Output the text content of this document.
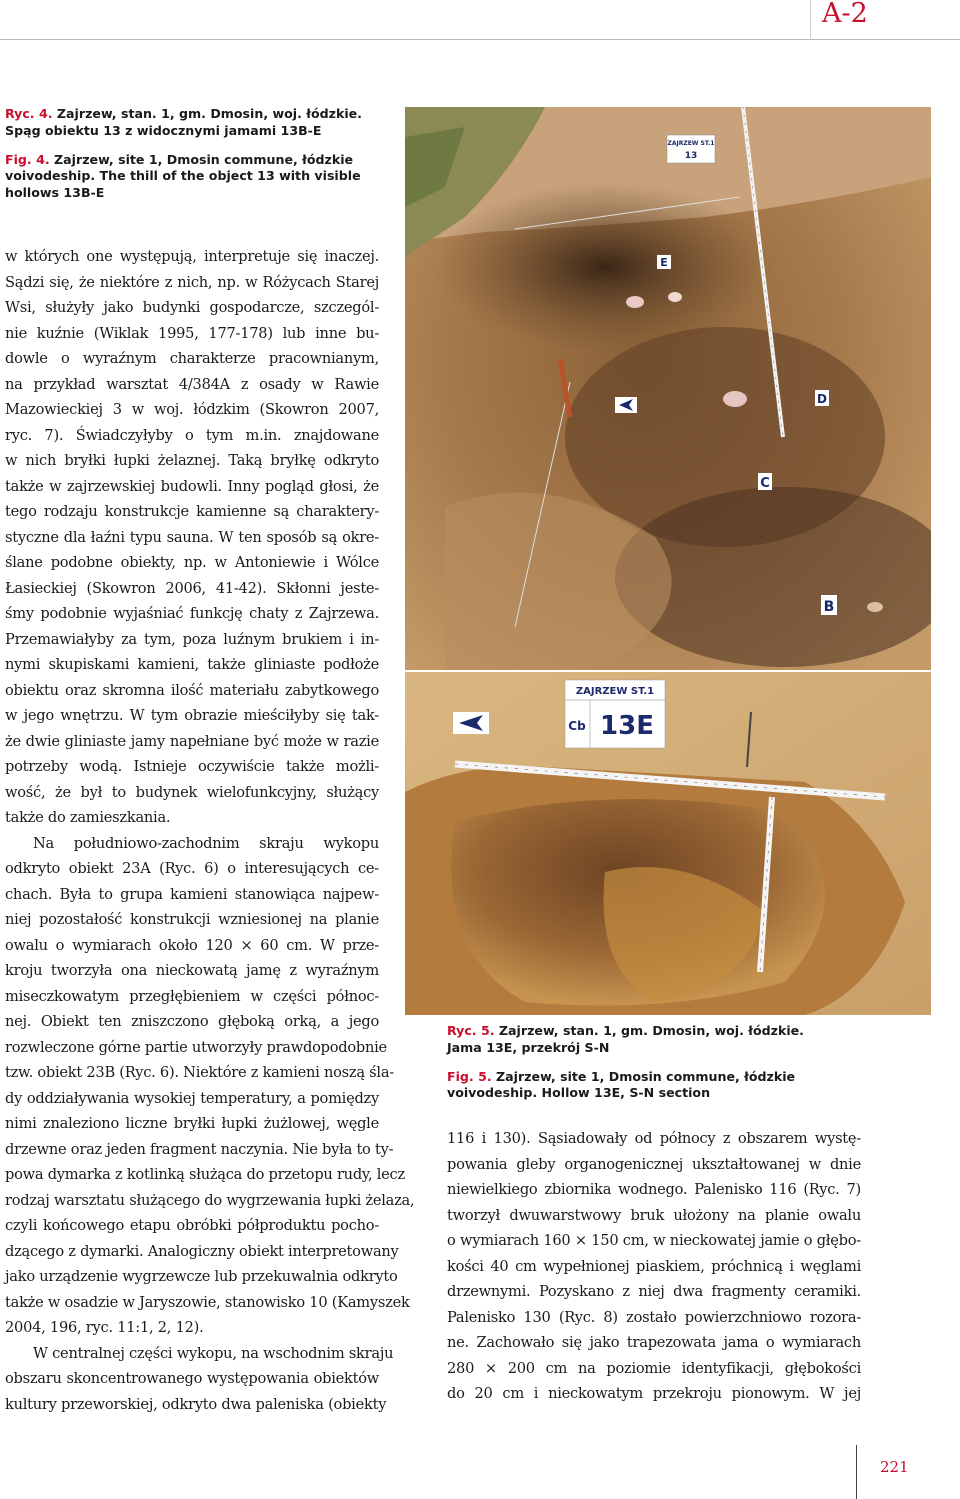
A-2

Ryc. 4. Zajrzew, stan. 1, gm. Dmosin, woj. łódzkie. Spąg obiektu 13 z widocznymi jamami 13B-E

Fig. 4. Zajrzew, site 1, Dmosin commune, łódzkie voivodeship. The thill of the object 13 with visible hollows 13B-E

ZAJRZEW ST.1
13
E
D
C
B
ZAJRZEW ST.1
Cb 13E

Ryc. 5. Zajrzew, stan. 1, gm. Dmosin, woj. łódzkie. Jama 13E, przekrój S-N

Fig. 5. Zajrzew, site 1, Dmosin commune, łódzkie voivodeship. Hollow 13E, S-N section

w których one występują, interpretuje się inaczej.
Sądzi się, że niektóre z nich, np. w Różycach Starej
Wsi, służyły jako budynki gospodarcze, szczegól-
nie kuźnie (Wiklak 1995, 177-178) lub inne bu-
dowle o wyraźnym charakterze pracownianym,
na przykład warsztat 4/384A z osady w Rawie
Mazowieckiej 3 w woj. łódzkim (Skowron 2007,
ryc. 7). Świadczyłyby o tym m.in. znajdowane
w nich bryłki łupki żelaznej. Taką bryłkę odkryto
także w zajrzewskiej budowli. Inny pogląd głosi, że
tego rodzaju konstrukcje kamienne są charaktery-
styczne dla łaźni typu sauna. W ten sposób są okre-
ślane podobne obiekty, np. w Antoniewie i Wólce
Łasieckiej (Skowron 2006, 41-42). Skłonni jeste-
śmy podobnie wyjaśniać funkcję chaty z Zajrzewa.
Przemawiałyby za tym, poza luźnym brukiem i in-
nymi skupiskami kamieni, także gliniaste podłoże
obiektu oraz skromna ilość materiału zabytkowego
w jego wnętrzu. W tym obrazie mieściłyby się tak-
że dwie gliniaste jamy napełniane być może w razie
potrzeby wodą. Istnieje oczywiście także możli-
wość, że był to budynek wielofunkcyjny, służący
także do zamieszkania.
Na południowo-zachodnim skraju wykopu
odkryto obiekt 23A (Ryc. 6) o interesujących ce-
chach. Była to grupa kamieni stanowiąca najpew-
niej pozostałość konstrukcji wzniesionej na planie
owalu o wymiarach około 120 × 60 cm. W prze-
kroju tworzyła ona nieckowatą jamę z wyraźnym
miseczkowatym przegłębieniem w części północ-
nej. Obiekt ten zniszczono głęboką orką, a jego
rozwleczone górne partie utworzyły prawdopodobnie
tzw. obiekt 23B (Ryc. 6). Niektóre z kamieni noszą śla-
dy oddziaływania wysokiej temperatury, a pomiędzy
nimi znaleziono liczne bryłki łupki żużlowej, węgle
drzewne oraz jeden fragment naczynia. Nie była to ty-
powa dymarka z kotlinką służąca do przetopu rudy, lecz
rodzaj warsztatu służącego do wygrzewania łupki żelaza,
czyli końcowego etapu obróbki półproduktu pocho-
dzącego z dymarki. Analogiczny obiekt interpretowany
jako urządzenie wygrzewcze lub przekuwalnia odkryto
także w osadzie w Jaryszowie, stanowisko 10 (Kamyszek
2004, 196, ryc. 11:1, 2, 12).
W centralnej części wykopu, na wschodnim skraju
obszaru skoncentrowanego występowania obiektów
kultury przeworskiej, odkryto dwa paleniska (obiekty
116 i 130). Sąsiadowały od północy z obszarem wystę-
powania gleby organogenicznej ukształtowanej w dnie
niewielkiego zbiornika wodnego. Palenisko 116 (Ryc. 7)
tworzył dwuwarstwowy bruk ułożony na planie owalu
o wymiarach 160 × 150 cm, w nieckowatej jamie o głębo-
kości 40 cm wypełnionej piaskiem, próchnicą i węglami
drzewnymi. Pozyskano z niej dwa fragmenty ceramiki.
Palenisko 130 (Ryc. 8) zostało powierzchniowo rozora-
ne. Zachowało się jako trapezowata jama o wymiarach
280 × 200 cm na poziomie identyfikacji, głębokości
do 20 cm i nieckowatym przekroju pionowym. W jej
221
